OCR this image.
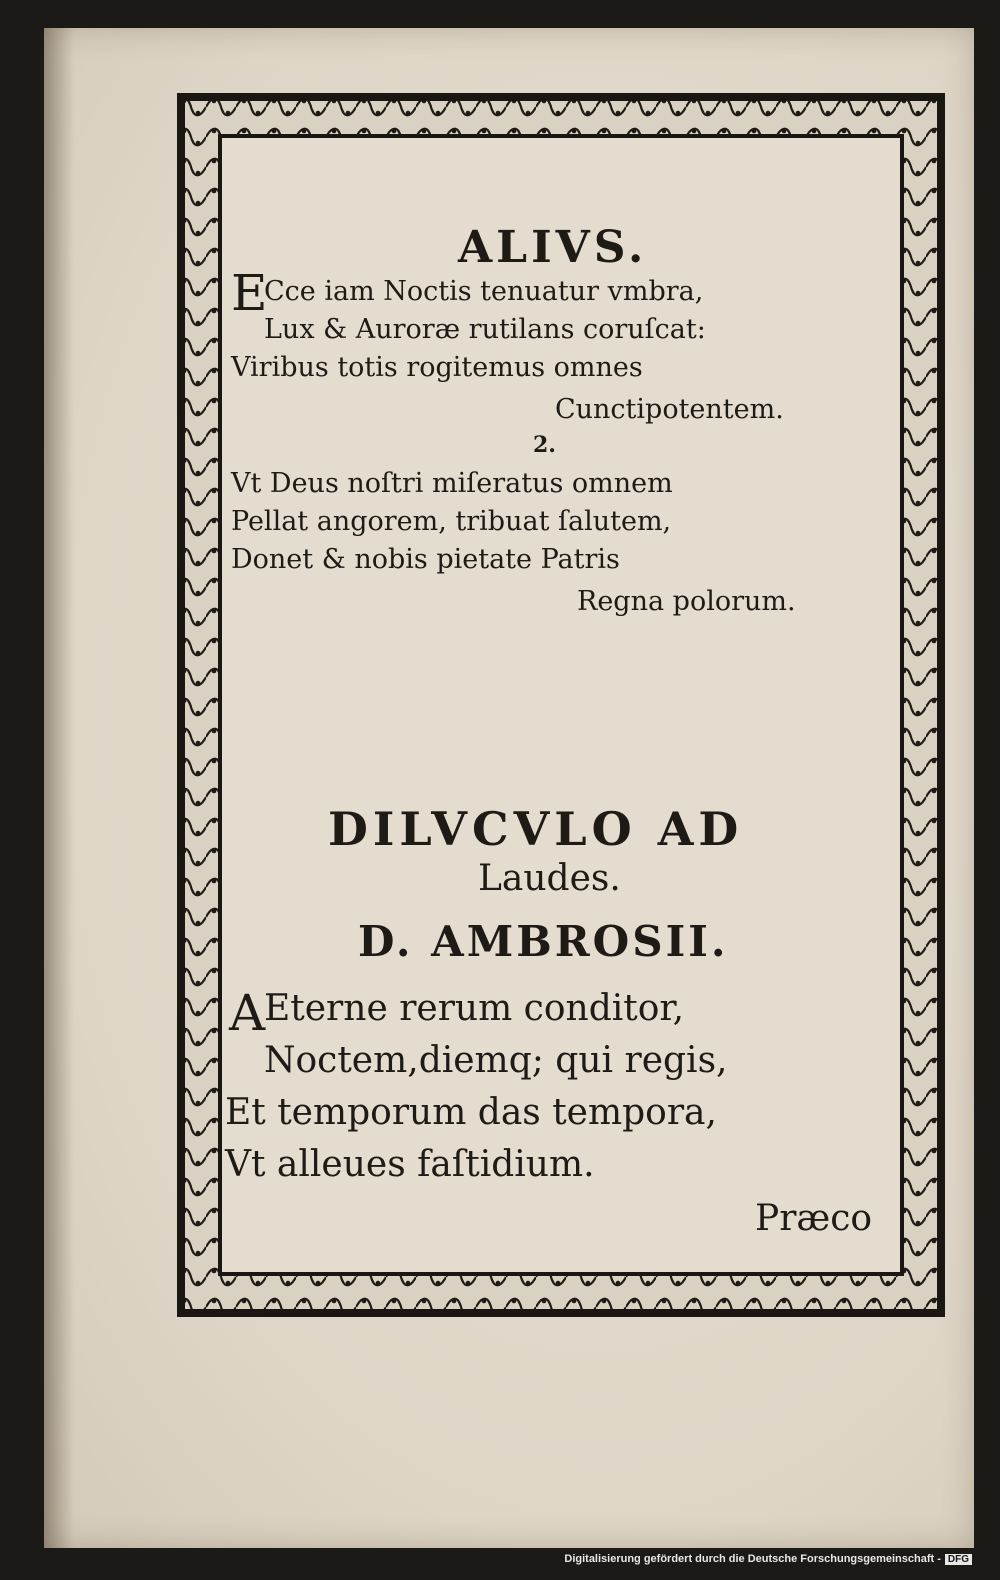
ALIVS.
E
Cce iam Noctis tenuatur vmbra,
Lux & Auroræ rutilans coruſcat:
Viribus totis rogitemus omnes
Cunctipotentem.
2.
Vt Deus noſtri miſeratus omnem
Pellat angorem, tribuat ſalutem,
Donet & nobis pietate Patris
Regna polorum.
DILVCVLO AD
Laudes.
D. AMBROSII.
A
Eterne rerum conditor,
Noctem,diemq; qui regis,
Et temporum das tempora,
Vt alleues faſtidium.
Præco
Digitalisierung gefördert durch die Deutsche Forschungsgemeinschaft - DFG
